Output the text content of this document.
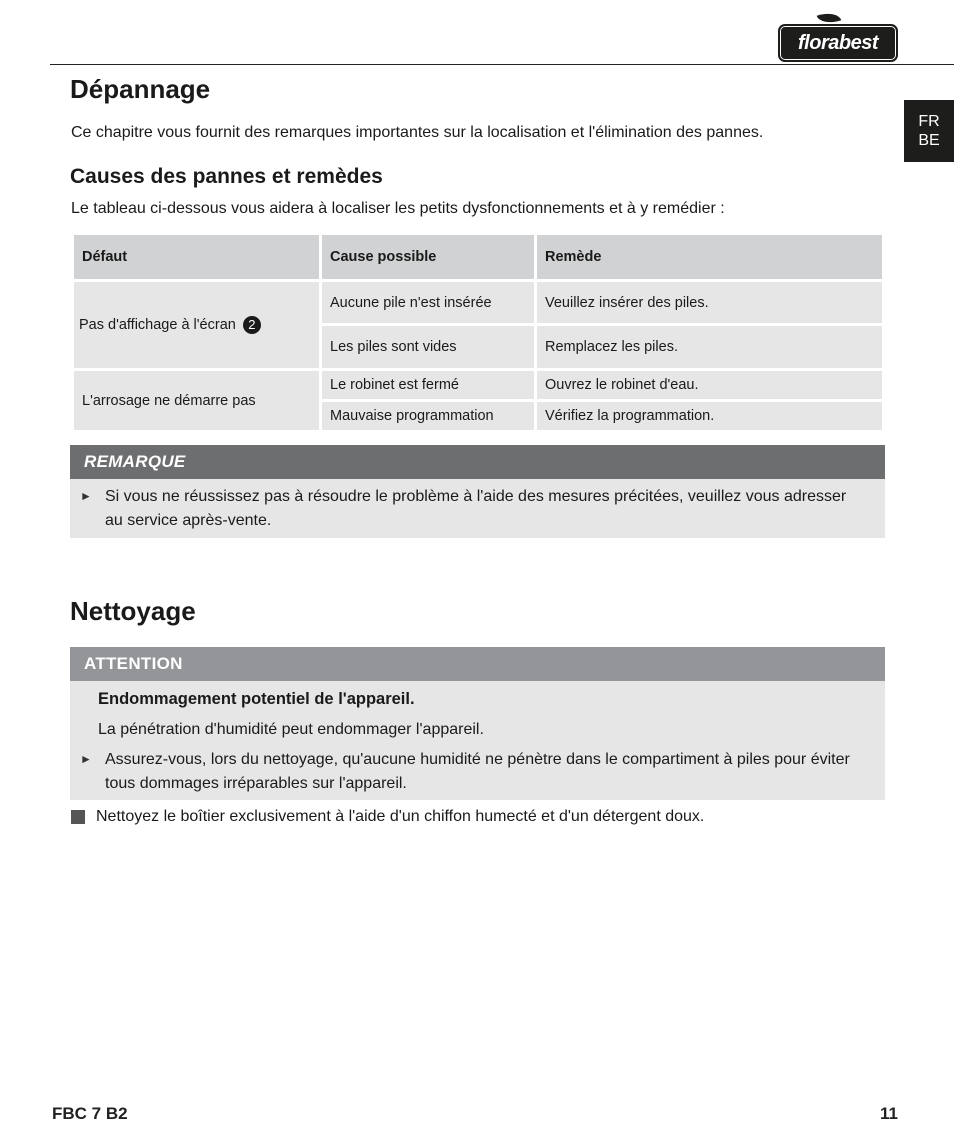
florabest
FR
BE
Dépannage

Ce chapitre vous fournit des remarques importantes sur la localisation et l'élimination des pannes.

Causes des pannes et remèdes

Le tableau ci-dessous vous aidera à localiser les petits dysfonctionnements et à y remédier :

Défaut	Cause possible	Remède
Pas d'affichage à l'écran 2	Aucune pile n'est insérée	Veuillez insérer des piles.
	Les piles sont vides	Remplacez les piles.
L'arrosage ne démarre pas	Le robinet est fermé	Ouvrez le robinet d'eau.
	Mauvaise programmation	Vérifiez la programmation.
REMARQUE
► Si vous ne réussissez pas à résoudre le problème à l'aide des mesures précitées, veuillez vous adresser au service après-vente.
Nettoyage
ATTENTION
Endommagement potentiel de l'appareil.
La pénétration d'humidité peut endommager l'appareil.
► Assurez-vous, lors du nettoyage, qu'aucune humidité ne pénètre dans le compartiment à piles pour éviter tous dommages irréparables sur l'appareil.

Nettoyez le boîtier exclusivement à l'aide d'un chiffon humecté et d'un détergent doux.

FBC 7 B2	11
